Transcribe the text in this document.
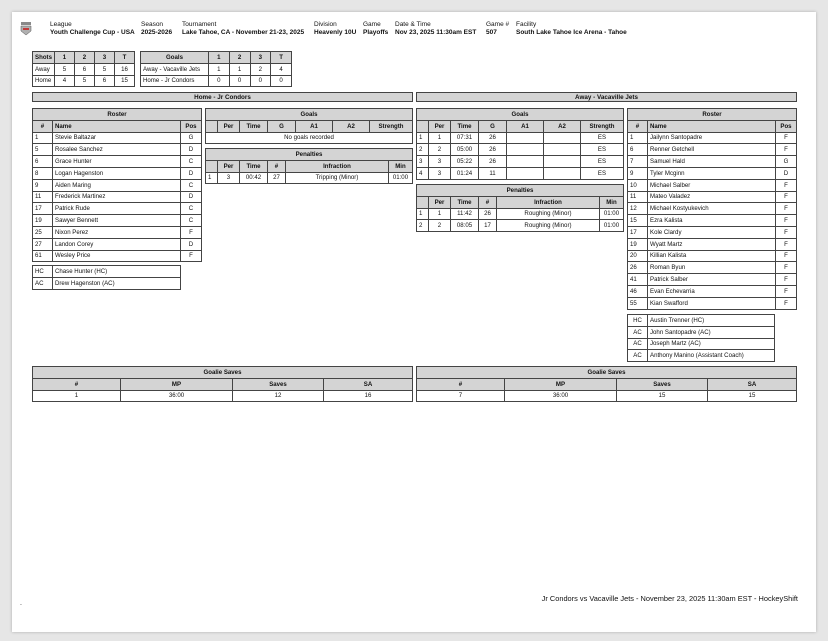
League
Youth Challenge Cup - USA
Season
2025-2026
Tournament
Lake Tahoe, CA - November 21-23, 2025
Division
Heavenly 10U
Game
Playoffs
Date & Time
Nov 23, 2025 11:30am EST
Game #
507
Facility
South Lake Tahoe Ice Arena - Tahoe
Shots	1	2	3	T
Away	5	6	5	16
Home	4	5	6	15
Goals	1	2	3	T
Away - Vacaville Jets	1	1	2	4
Home - Jr Condors	0	0	0	0
Home - Jr Condors	Away - Vacaville Jets
Roster		
#	Name	Pos
1	Stevie Baltazar	G
5	Rosalee Sanchez	D
6	Grace Hunter	C
8	Logan Hagenston	D
9	Aiden Maring	C
11	Frederick Martinez	D
17	Patrick Rude	C
19	Sawyer Bennett	C
25	Nixon Perez	F
27	Landon Corey	D
61	Wesley Price	F
HC	Chase Hunter (HC)
AC	Drew Hagenston (AC)
Goals
	Per	Time	G	A1	A2	Strength
No goals recorded
Penalties					
	Per	Time	#	Infraction	Min
1	3	00:42	27	Tripping (Minor)	01:00
Goals						
	Per	Time	G	A1	A2	Strength
1	1	07:31	26			ES
2	2	05:00	26			ES
3	3	05:22	26			ES
4	3	01:24	11			ES
Penalties					
	Per	Time	#	Infraction	Min
1	1	11:42	26	Roughing (Minor)	01:00
2	2	08:05	17	Roughing (Minor)	01:00
Roster		
#	Name	Pos
1	Jailynn Santopadre	F
6	Renner Getchell	F
7	Samuel Hald	G
9	Tyler Mcginn	D
10	Michael Salber	F
11	Mateo Valadez	F
12	Michael Kostyukevich	F
15	Ezra Kalista	F
17	Kole Clardy	F
19	Wyatt Martz	F
20	Killian Kalista	F
26	Roman Byun	F
41	Patrick Salber	F
46	Evan Echevarria	F
55	Kian Swafford	F
HC	Austin Trenner (HC)
AC	John Santopadre (AC)
AC	Joseph Martz (AC)
AC	Anthony Manino (Assistant Coach)
Goalie Saves			
#	MP	Saves	SA
1	36:00	12	16
Goalie Saves			
#	MP	Saves	SA
7	36:00	15	15
.
Jr Condors vs Vacaville Jets - November 23, 2025 11:30am EST - HockeyShift
